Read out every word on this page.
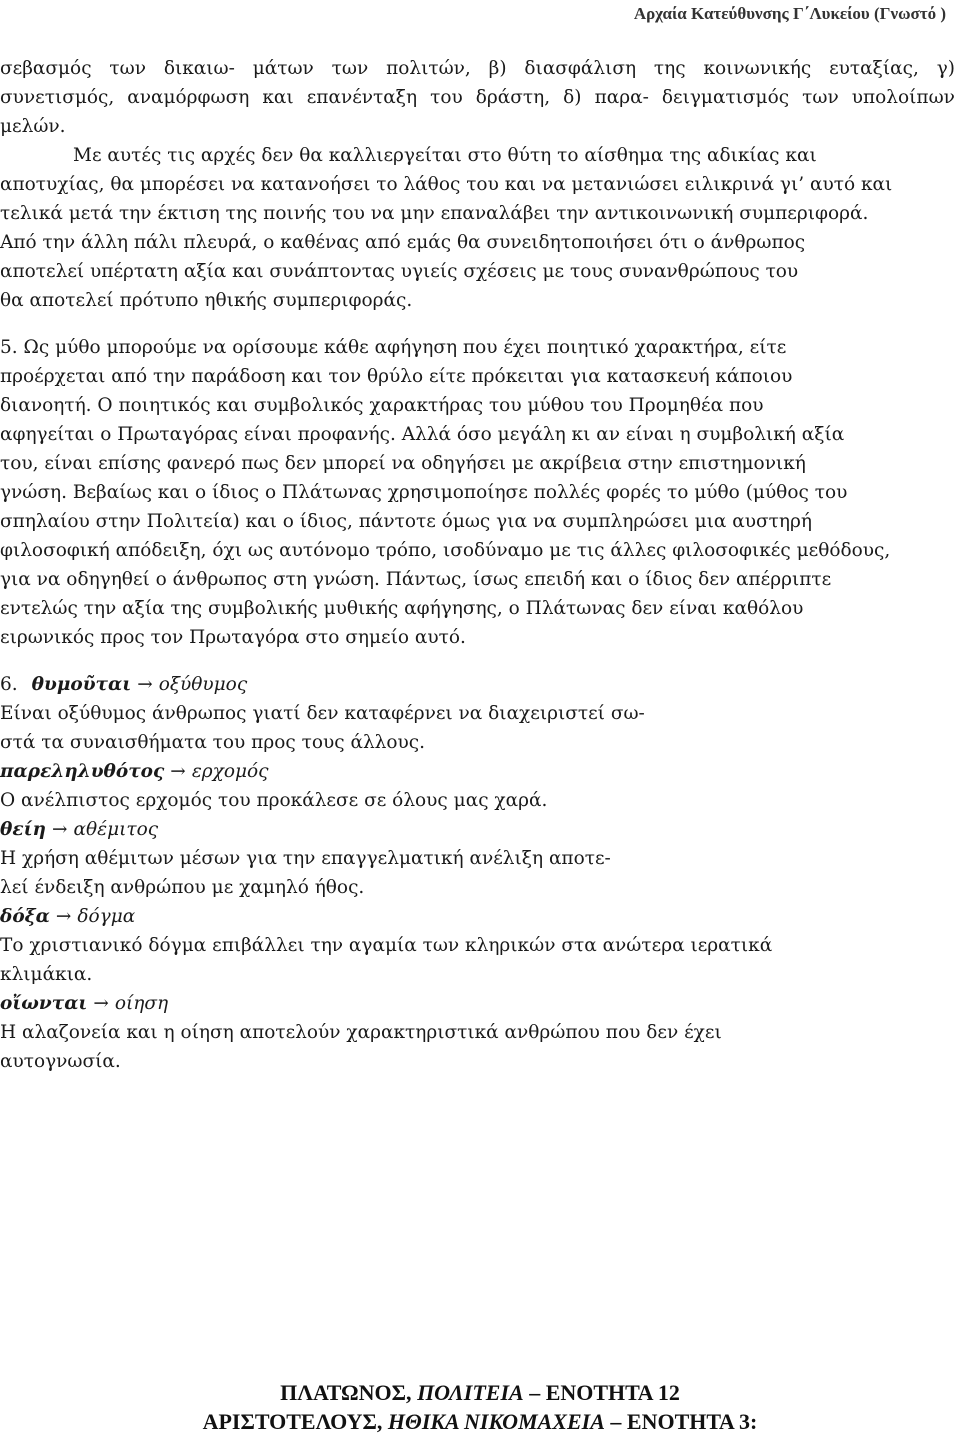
Αρχαία Κατεύθυνσης Γ΄Λυκείου (Γνωστό )
σεβασμός των δικαιω- μάτων των πολιτών, β) διασφάλιση της κοινωνικής ευταξίας, γ)
συνετισμός, αναμόρφωση και επανένταξη του δράστη, δ) παρα- δειγματισμός των υπολοίπων
μελών.
Με αυτές τις αρχές δεν θα καλλιεργείται στο θύτη το αίσθημα της αδικίας και
αποτυχίας, θα μπορέσει να κατανοήσει το λάθος του και να μετανιώσει ειλικρινά γι’ αυτό και
τελικά μετά την έκτιση της ποινής του να μην επαναλάβει την αντικοινωνική συμπεριφορά.
Από την άλλη πάλι πλευρά, ο καθένας από εμάς θα συνειδητοποιήσει ότι ο άνθρωπος
αποτελεί υπέρτατη αξία και συνάπτοντας υγιείς σχέσεις με τους συνανθρώπους του
θα αποτελεί πρότυπο ηθικής συμπεριφοράς.
5. Ως μύθο μπορούμε να ορίσουμε κάθε αφήγηση που έχει ποιητικό χαρακτήρα, είτε
προέρχεται από την παράδοση και τον θρύλο είτε πρόκειται για κατασκευή κάποιου
διανοητή. Ο ποιητικός και συμβολικός χαρακτήρας του μύθου του Προμηθέα που
αφηγείται ο Πρωταγόρας είναι προφανής. Αλλά όσο μεγάλη κι αν είναι η συμβολική αξία
του, είναι επίσης φανερό πως δεν μπορεί να οδηγήσει με ακρίβεια στην επιστημονική
γνώση. Βεβαίως και ο ίδιος ο Πλάτωνας χρησιμοποίησε πολλές φορές το μύθο (μύθος του
σπηλαίου στην Πολιτεία) και ο ίδιος, πάντοτε όμως για να συμπληρώσει μια αυστηρή
φιλοσοφική απόδειξη, όχι ως αυτόνομο τρόπο, ισοδύναμο με τις άλλες φιλοσοφικές μεθόδους,
για να οδηγηθεί ο άνθρωπος στη γνώση. Πάντως, ίσως επειδή και ο ίδιος δεν απέρριπτε
εντελώς την αξία της συμβολικής μυθικής αφήγησης, ο Πλάτωνας δεν είναι καθόλου
ειρωνικός προς τον Πρωταγόρα στο σημείο αυτό.
6. θυμοῦται → οξύθυμος
Είναι οξύθυμος άνθρωπος γιατί δεν καταφέρνει να διαχειριστεί σω-
στά τα συναισθήματα του προς τους άλλους.
παρεληλυθότος → ερχομός
Ο ανέλπιστος ερχομός του προκάλεσε σε όλους μας χαρά.
θείη → αθέμιτος
Η χρήση αθέμιτων μέσων για την επαγγελματική ανέλιξη αποτε-
λεί ένδειξη ανθρώπου με χαμηλό ήθος.
δόξα → δόγμα
Το χριστιανικό δόγμα επιβάλλει την αγαμία των κληρικών στα ανώτερα ιερατικά
κλιμάκια.
οἴωνται → οίηση
Η αλαζονεία και η οίηση αποτελούν χαρακτηριστικά ανθρώπου που δεν έχει
αυτογνωσία.
ΠΛΑΤΩΝΟΣ, ΠΟΛΙΤΕΙΑ – ΕΝΟΤΗΤΑ 12
ΑΡΙΣΤΟΤΕΛΟΥΣ, ΗΘΙΚΑ ΝΙΚΟΜΑΧΕΙΑ – ΕΝΟΤΗΤΑ 3:
